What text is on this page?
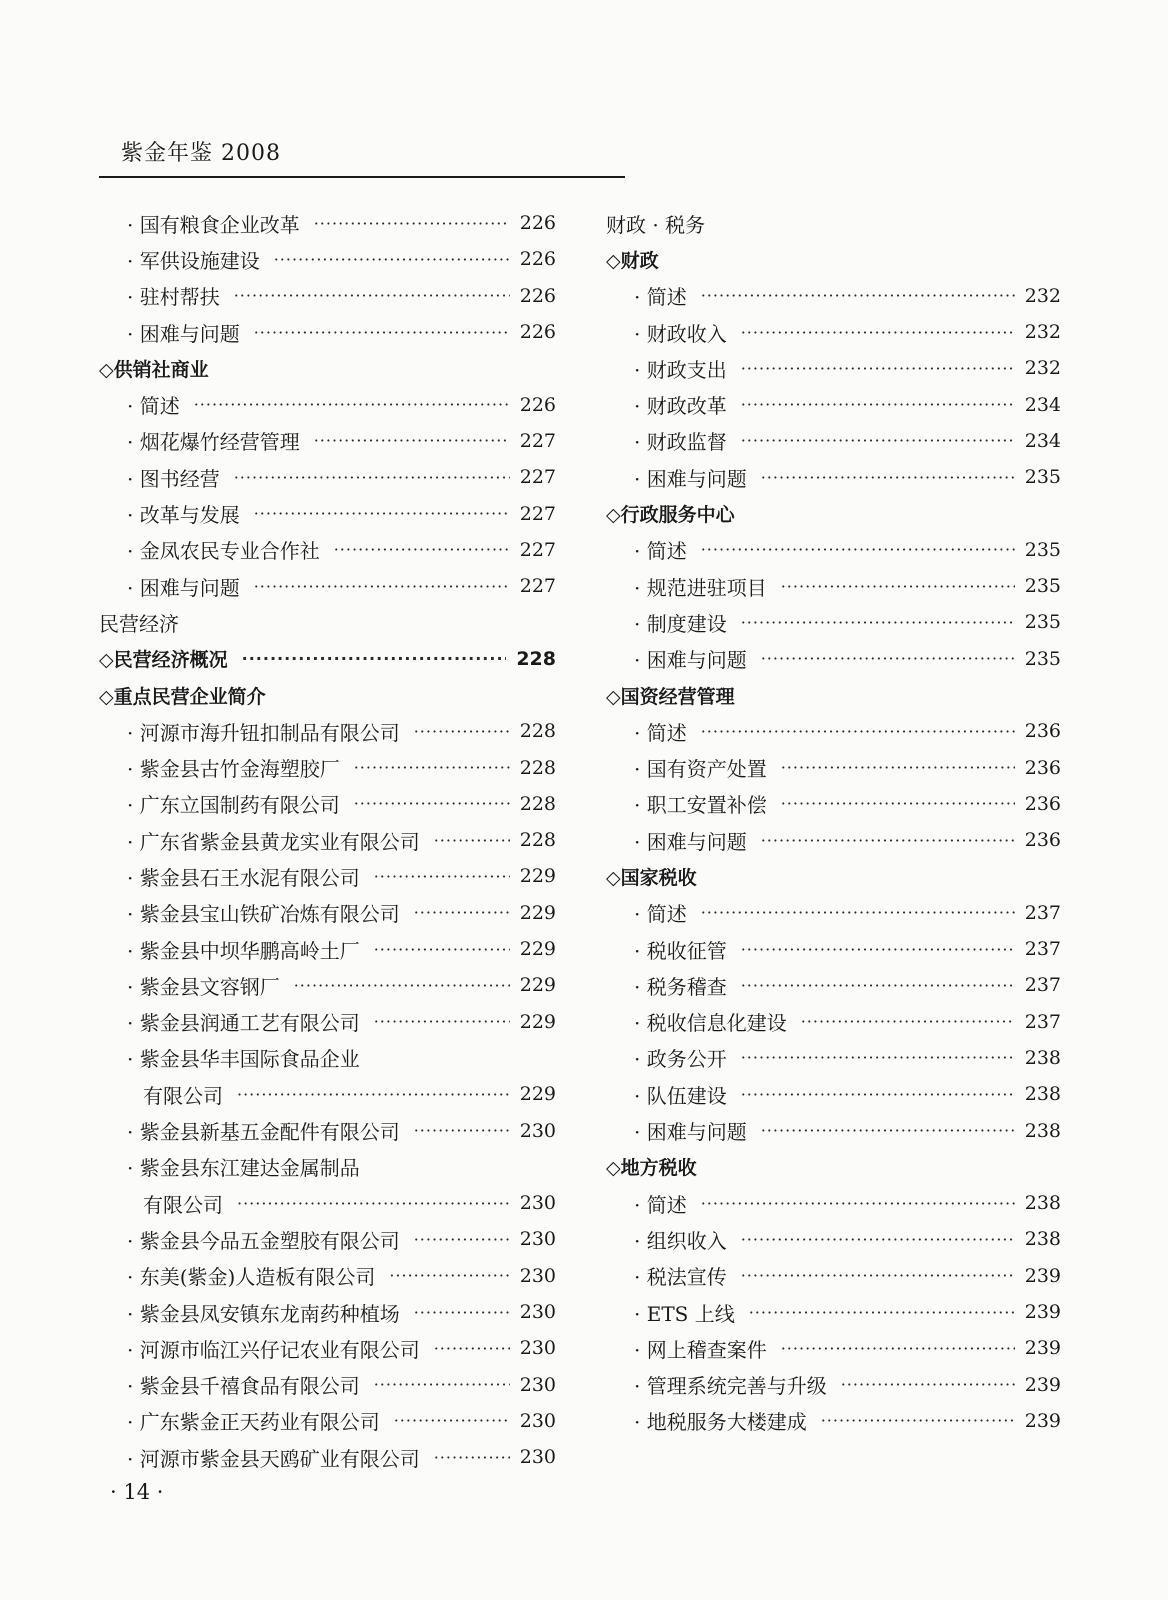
紫金年鉴 2008
· 国有粮食企业改革 ·····	226
· 军供设施建设 ·····	226
· 驻村帮扶 ·····	226
· 困难与问题 ·····	226
◇供销社商业
· 简述 ·····	226
· 烟花爆竹经营管理 ·····	227
· 图书经营 ·····	227
· 改革与发展 ·····	227
· 金凤农民专业合作社 ·····	227
· 困难与问题 ·····	227
民营经济
◇民营经济概况 ·····	228
◇重点民营企业简介
· 河源市海升钮扣制品有限公司 ·····	228
· 紫金县古竹金海塑胶厂 ·····	228
· 广东立国制药有限公司 ·····	228
· 广东省紫金县黄龙实业有限公司 ·····	228
· 紫金县石王水泥有限公司 ·····	229
· 紫金县宝山铁矿冶炼有限公司 ·····	229
· 紫金县中坝华鹏高岭土厂 ·····	229
· 紫金县文容钢厂 ·····	229
· 紫金县润通工艺有限公司 ·····	229
· 紫金县华丰国际食品企业
有限公司 ·····	229
· 紫金县新基五金配件有限公司 ·····	230
· 紫金县东江建达金属制品
有限公司 ·····	230
· 紫金县今品五金塑胶有限公司 ·····	230
· 东美(紫金)人造板有限公司 ·····	230
· 紫金县凤安镇东龙南药种植场 ·····	230
· 河源市临江兴仔记农业有限公司 ·····	230
· 紫金县千禧食品有限公司 ·····	230
· 广东紫金正天药业有限公司 ·····	230
· 河源市紫金县天鸥矿业有限公司 ·····	230
财政 · 税务
◇财政
· 简述 ·····	232
· 财政收入 ·····	232
· 财政支出 ·····	232
· 财政改革 ·····	234
· 财政监督 ·····	234
· 困难与问题 ·····	235
◇行政服务中心
· 简述 ·····	235
· 规范进驻项目 ·····	235
· 制度建设 ·····	235
· 困难与问题 ·····	235
◇国资经营管理
· 简述 ·····	236
· 国有资产处置 ·····	236
· 职工安置补偿 ·····	236
· 困难与问题 ·····	236
◇国家税收
· 简述 ·····	237
· 税收征管 ·····	237
· 税务稽查 ·····	237
· 税收信息化建设 ·····	237
· 政务公开 ·····	238
· 队伍建设 ·····	238
· 困难与问题 ·····	238
◇地方税收
· 简述 ·····	238
· 组织收入 ·····	238
· 税法宣传 ·····	239
· ETS 上线 ·····	239
· 网上稽查案件 ·····	239
· 管理系统完善与升级 ·····	239
· 地税服务大楼建成 ·····	239
· 14 ·
